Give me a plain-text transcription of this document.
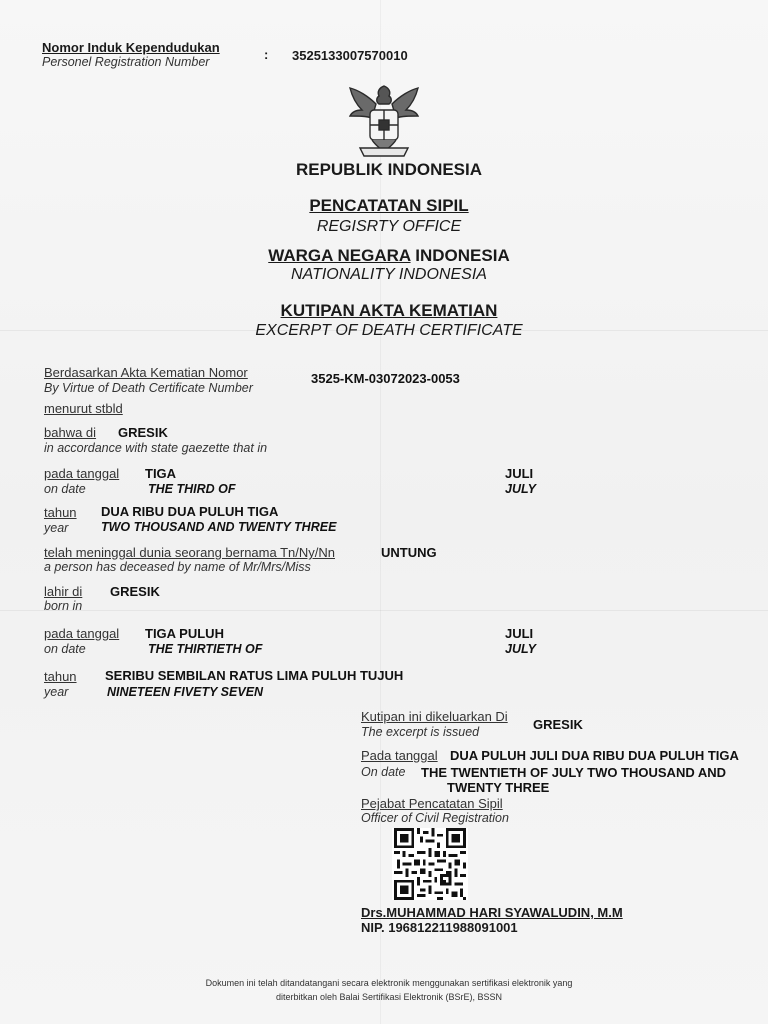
Nomor Induk Kependudukan
Personel Registration Number	: 3525133007570010
REPUBLIK INDONESIA
PENCATATAN SIPIL
REGISRTY OFFICE
WARGA NEGARA INDONESIA
NATIONALITY INDONESIA
KUTIPAN AKTA KEMATIAN
EXCERPT OF DEATH CERTIFICATE
Berdasarkan Akta Kematian Nomor
By Virtue of Death Certificate Number
3525-KM-03072023-0053
menurut stbld
bahwa di GRESIK
in accordance with state gaezette that in
pada tanggal
on date
TIGA
THE THIRD OF
JULI
JULY
tahun
year
DUA RIBU DUA PULUH TIGA
TWO THOUSAND AND TWENTY THREE
telah meninggal dunia seorang bernama Tn/Ny/Nn
a person has deceased by name of Mr/Mrs/Miss
UNTUNG
lahir di
born in
GRESIK
pada tanggal
on date
TIGA PULUH
THE THIRTIETH OF
JULI
JULY
tahun
year
SERIBU SEMBILAN RATUS LIMA PULUH TUJUH
NINETEEN FIVETY SEVEN
Kutipan ini dikeluarkan Di
The excerpt is issued	GRESIK
Pada tanggal DUA PULUH JULI DUA RIBU DUA PULUH TIGA
On date THE TWENTIETH OF JULY TWO THOUSAND AND
TWENTY THREE
Pejabat Pencatatan Sipil
Officer of Civil Registration
Drs.MUHAMMAD HARI SYAWALUDIN, M.M
NIP. 196812211988091001
Dokumen ini telah ditandatangani secara elektronik menggunakan sertifikasi elektronik yang
diterbitkan oleh Balai Sertifikasi Elektronik (BSrE), BSSN
